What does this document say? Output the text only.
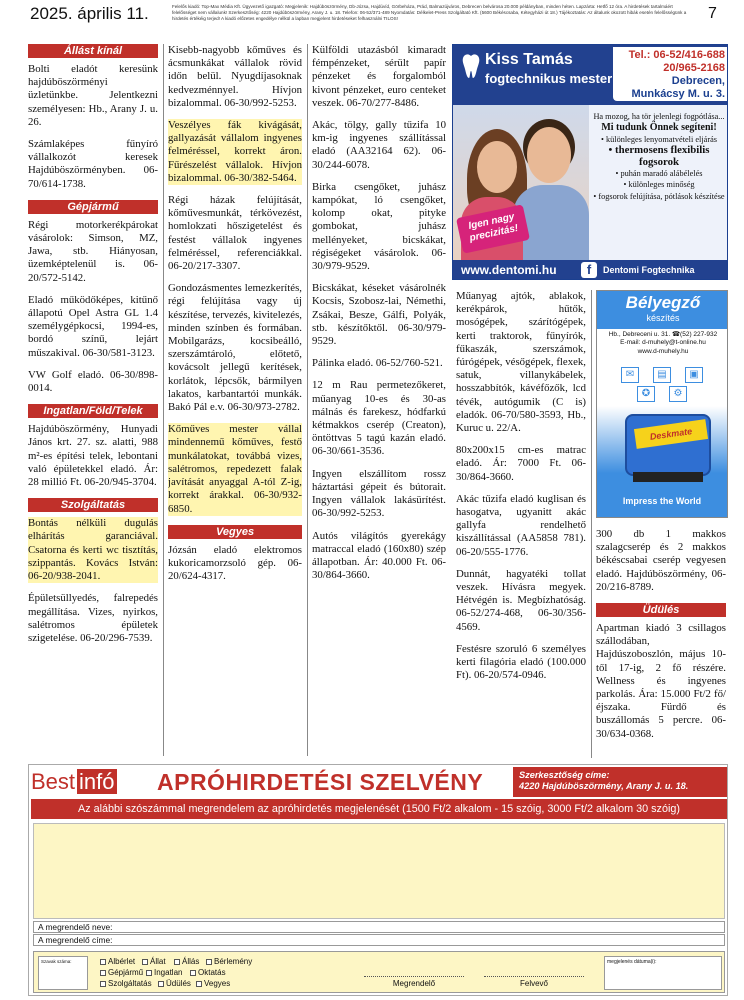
2025. április 11.	Felelős kiadó: Top-Max Média Kft. Ügyvezető igazgató: Megjelenik: Hajdúböszörmény, Db-Józsa, Hajdúvíd, Görbeháza, Prád, Balmazújváros, Debrecen belvárosa 20.000 példányban, minden héten. Lapzárta: Hetfő 12 óra. A hirdetések tartalmáért felelősséget nem vállalunk! Szerkesztőség: 4220 Hajdúböszörmény, Arany J. u. 18. Telefon: 06-52/371-489 Nyomdatás: Délkelet-Press Szolgáltató Kft. (5600 Békéscsaba, Kétegyházi út 18.) Tájékoztatás: Az általunk okozott hibák esetén felelősségünk a hirdetés értékéig terjed! A kiadó előzetes engedélye nélkül a lapban megjelent hirdetéseket felhasználni TILOS!	7
Állást kínál

Bolti eladót keresünk hajdúböszörményi üzletünkbe. Jelentkezni személyesen: Hb., Arany J. u. 26.

Számlaképes fűnyíró vállalkozót keresek Hajdúböszörményben. 06-70/614-1738.

Gépjármű

Régi motorkerékpárokat vásárolok: Simson, MZ, Jawa, stb. Hiányosan, üzemképtelenül is. 06-20/572-5142.

Eladó működőképes, kitűnő állapotú Opel Astra GL 1.4 személygépkocsi, 1994-es, bordó színű, lejárt műszakival. 06-30/581-3123.

VW Golf eladó. 06-30/898-0014.

Ingatlan/Föld/Telek

Hajdúböszörmény, Hunyadi János krt. 27. sz. alatti, 988 m²-es építési telek, lebontani való épületekkel eladó. Ár: 28 millió Ft. 06-20/945-3704.

Szolgáltatás

Bontás nélküli dugulás elhárítás garanciával. Csatorna és kerti wc tisztítás, szippantás. Kovács István: 06-20/938-2041.

Épületsüllyedés, falrepedés megállítása. Vizes, nyirkos, salétromos épületek szigetelése. 06-20/296-7539.

Kisebb-nagyobb kőműves és ácsmunkákat vállalok rövid időn belül. Nyugdíjasoknak kedvezménnyel. Hívjon bizalommal. 06-30/992-5253.

Veszélyes fák kivágását, gallyazását vállalom ingyenes felméréssel, korrekt áron. Fűrészelést vállalok. Hívjon bizalommal. 06-30/382-5464.

Régi házak felújítását, kőművesmunkát, térkövezést, homlokzati hőszigetelést és festést vállalok ingyenes felméréssel, referenciákkal. 06-20/217-3307.

Gondozásmentes lemezkerítés, régi felújítása vagy új készítése, tervezés, kivitelezés, minden színben és formában. Mobilgarázs, kocsibeálló, szerszámtároló, előtető, kovácsolt jellegű kerítések, korlátok, lépcsők, bármilyen lakatos, karbantartói munkák. Bakó Pál e.v. 06-30/973-2782.

Kőműves mester vállal mindennemű kőműves, festő munkálatokat, továbbá vizes, salétromos, repedezett falak javítását anyaggal A-tól Z-ig, korrekt árakkal. 06-30/932-6850.

Vegyes

Józsán eladó elektromos kukoricamorzsoló gép. 06-20/624-4317.

Külföldi utazásból kimaradt fémpénzeket, sérült papír pénzeket és forgalomból kivont pénzeket, euro centeket veszek. 06-70/277-8486.

Akác, tölgy, gally tűzifa 10 km-ig ingyenes szállítással eladó (AA32164 62). 06-30/244-6078.

Birka csengőket, juhász kampókat, ló csengőket, kolomp okat, pityke gombokat, juhász mellényeket, bicskákat, régiségeket vásárolok. 06-30/979-9529.

Bicskákat, késeket vásárolnék Kocsis, Szobosz-lai, Némethi, Zsákai, Besze, Gálfi, Polyák, stb. készítőktől. 06-30/979-9529.

Pálinka eladó. 06-52/760-521.

12 m Rau permetezőkeret, műanyag 10-es és 30-as málnás és farekesz, hódfarkú kétmakkos cserép (Creaton), öntöttvas 5 tagú kazán eladó. 06-30/661-3536.

Ingyen elszállítom rossz háztartási gépeit és bútorait. Ingyen vállalok lakásürítést. 06-30/992-5253.

Autós világítós gyerekágy matraccal eladó (160x80) szép állapotban. Ár: 40.000 Ft. 06-30/864-3660.

Műanyag ajtók, ablakok, kerékpárok, hűtők, mosógépek, szárítógépek, kerti traktorok, fűnyírók, fűkaszák, szerszámok, fúrógépek, vésőgépek, flexek, satuk, villanykábelek, hosszabbítók, kávéfőzők, lcd tévék, autógumik (C is) eladók. 06-70/580-3593, Hb., Kuruc u. 22/A.

80x200x15 cm-es matrac eladó. Ár: 7000 Ft. 06-30/864-3660.

Akác tűzifa eladó kuglisan és hasogatva, ugyanitt akác gallyfa rendelhető kiszállítással (AA5858 781). 06-20/555-1776.

Dunnát, hagyatéki tollat veszek. Hívásra megyek. Hétvégén is. Megbízhatóság. 06-52/274-468, 06-30/356-4569.

Festésre szoruló 6 személyes kerti filagória eladó (100.000 Ft). 06-20/574-0946.

300 db 1 makkos szalagcserép és 2 makkos békéscsabai cserép vegyesen eladó. Hajdúböszörmény, 06-20/216-8789.

Üdülés

Apartman kiadó 3 csillagos szállodában, Hajdúszoboszlón, május 10-től 17-ig, 2 fő részére. Wellness és ingyenes parkolás. Ára: 15.000 Ft/2 fő/éjszaka. Fürdő és buszállomás 5 percre. 06-30/634-0368.

Kiss Tamás
fogtechnikus mester
Tel.: 06-52/416-688
20/965-2168
Debrecen,
Munkácsy M. u. 3.
Igen nagy precizitás!
Ha mozog, ha tör jelenlegi fogpótlása...
Mi tudunk Önnek segíteni!
• különleges lenyomatvételi eljárás
• thermosens flexibilis fogsorok
• puhán maradó alábélelés
• különleges minőség
• fogsorok felújítása, pótlások készítése
www.dentomi.hu	f	Dentomi Fogtechnika
Bélyegző
készítés
Hb., Debreceni u. 31. ☎(52) 227-932
E-mail: d-muhely@t-online.hu
www.d-muhely.hu
✉	▤	▣
✪	⚙
Deskmate
Impress the World
Best infó	APRÓHIRDETÉSI SZELVÉNY	Szerkesztőség címe:
4220 Hajdúböszörmény, Arany J. u. 18.
Az alábbi szószámmal megrendelem az apróhirdetés megjelenését (1500 Ft/2 alkalom - 15 szóig, 3000 Ft/2 alkalom 30 szóig)
A megrendelő neve:
A megrendelő címe:
Szavak száma:	Albérlet	Állat	Állás	Bérlemény
Gépjármű	Ingatlan	Oktatás
Szolgáltatás	Üdülés	Vegyes	Megrendelő	Felvevő
megjelenés dátuma(i):
